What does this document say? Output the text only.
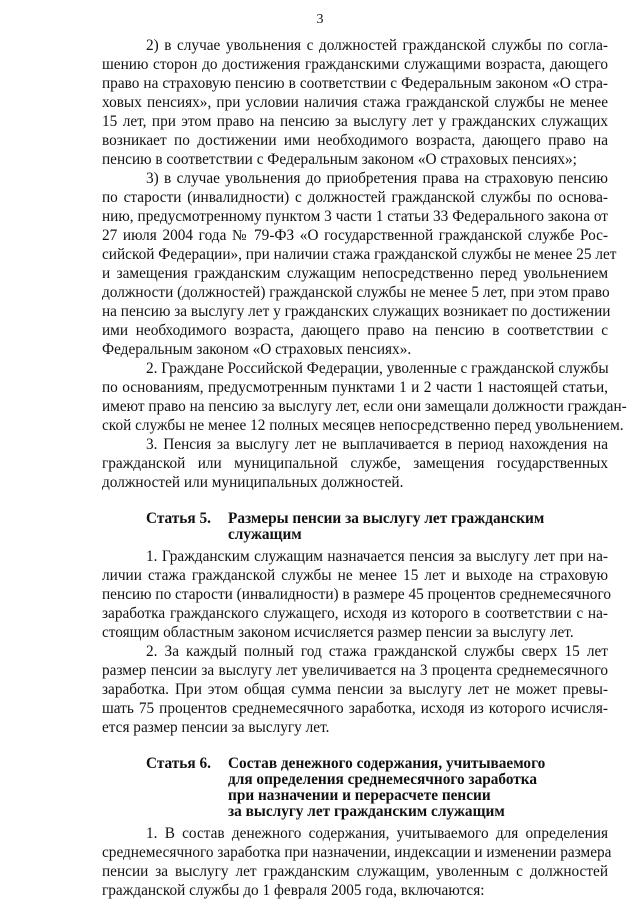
3

2) в случае увольнения с должностей гражданской службы по согла-
шению сторон до достижения гражданскими служащими возраста, дающего
право на страховую пенсию в соответствии с Федеральным законом «О стра-
ховых пенсиях», при условии наличия стажа гражданской службы не менее
15 лет, при этом право на пенсию за выслугу лет у гражданских служащих
возникает по достижении ими необходимого возраста, дающего право на
пенсию в соответствии с Федеральным законом «О страховых пенсиях»;

3) в случае увольнения до приобретения права на страховую пенсию
по старости (инвалидности) с должностей гражданской службы по основа-
нию, предусмотренному пунктом 3 части 1 статьи 33 Федерального закона от
27 июля 2004 года № 79-ФЗ «О государственной гражданской службе Рос-
сийской Федерации», при наличии стажа гражданской службы не менее 25 лет
и замещения гражданским служащим непосредственно перед увольнением
должности (должностей) гражданской службы не менее 5 лет, при этом право
на пенсию за выслугу лет у гражданских служащих возникает по достижении
ими необходимого возраста, дающего право на пенсию в соответствии с
Федеральным законом «О страховых пенсиях».

2. Граждане Российской Федерации, уволенные с гражданской службы
по основаниям, предусмотренным пунктами 1 и 2 части 1 настоящей статьи,
имеют право на пенсию за выслугу лет, если они замещали должности граждан-
ской службы не менее 12 полных месяцев непосредственно перед увольнением.

3. Пенсия за выслугу лет не выплачивается в период нахождения на
гражданской или муниципальной службе, замещения государственных
должностей или муниципальных должностей.

Статья 5.	Размеры пенсии за выслугу лет гражданским
служащим

1. Гражданским служащим назначается пенсия за выслугу лет при на-
личии стажа гражданской службы не менее 15 лет и выходе на страховую
пенсию по старости (инвалидности) в размере 45 процентов среднемесячного
заработка гражданского служащего, исходя из которого в соответствии с на-
стоящим областным законом исчисляется размер пенсии за выслугу лет.

2. За каждый полный год стажа гражданской службы сверх 15 лет
размер пенсии за выслугу лет увеличивается на 3 процента среднемесячного
заработка. При этом общая сумма пенсии за выслугу лет не может превы-
шать 75 процентов среднемесячного заработка, исходя из которого исчисля-
ется размер пенсии за выслугу лет.

Статья 6.	Состав денежного содержания, учитываемого
для определения среднемесячного заработка
при назначении и перерасчете пенсии
за выслугу лет гражданским служащим

1. В состав денежного содержания, учитываемого для определения
среднемесячного заработка при назначении, индексации и изменении размера
пенсии за выслугу лет гражданским служащим, уволенным с должностей
гражданской службы до 1 февраля 2005 года, включаются:
